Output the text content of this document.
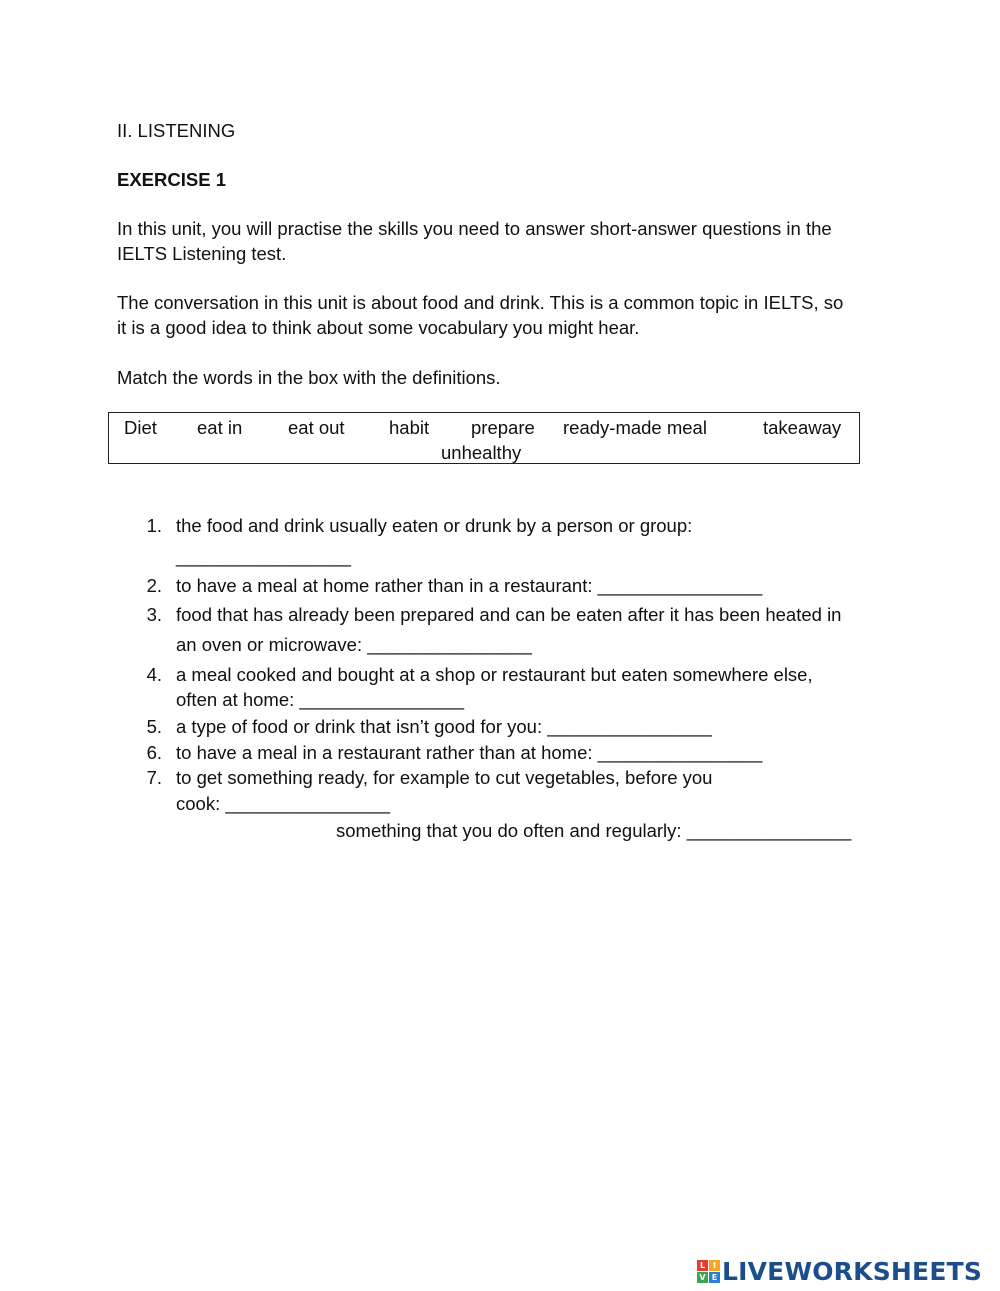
II. LISTENING
EXERCISE 1
In this unit, you will practise the skills you need to answer short-answer questions in the
IELTS Listening test.
The conversation in this unit is about food and drink. This is a common topic in IELTS, so
it is a good idea to think about some vocabulary you might hear.
Match the words in the box with the definitions.
Diet eat in eat out habit prepare ready-made meal	takeaway
unhealthy
1. the food and drink usually eaten or drunk by a person or group:
_________________
2. to have a meal at home rather than in a restaurant: ________________
3. food that has already been prepared and can be eaten after it has been heated in
an oven or microwave: ________________
4. a meal cooked and bought at a shop or restaurant but eaten somewhere else,
often at home: ________________
5. a type of food or drink that isn’t good for you: ________________
6. to have a meal in a restaurant rather than at home: ________________
7. to get something ready, for example to cut vegetables, before you
cook: ________________
something that you do often and regularly: ________________
L I
V E LIVEWORKSHEETS
